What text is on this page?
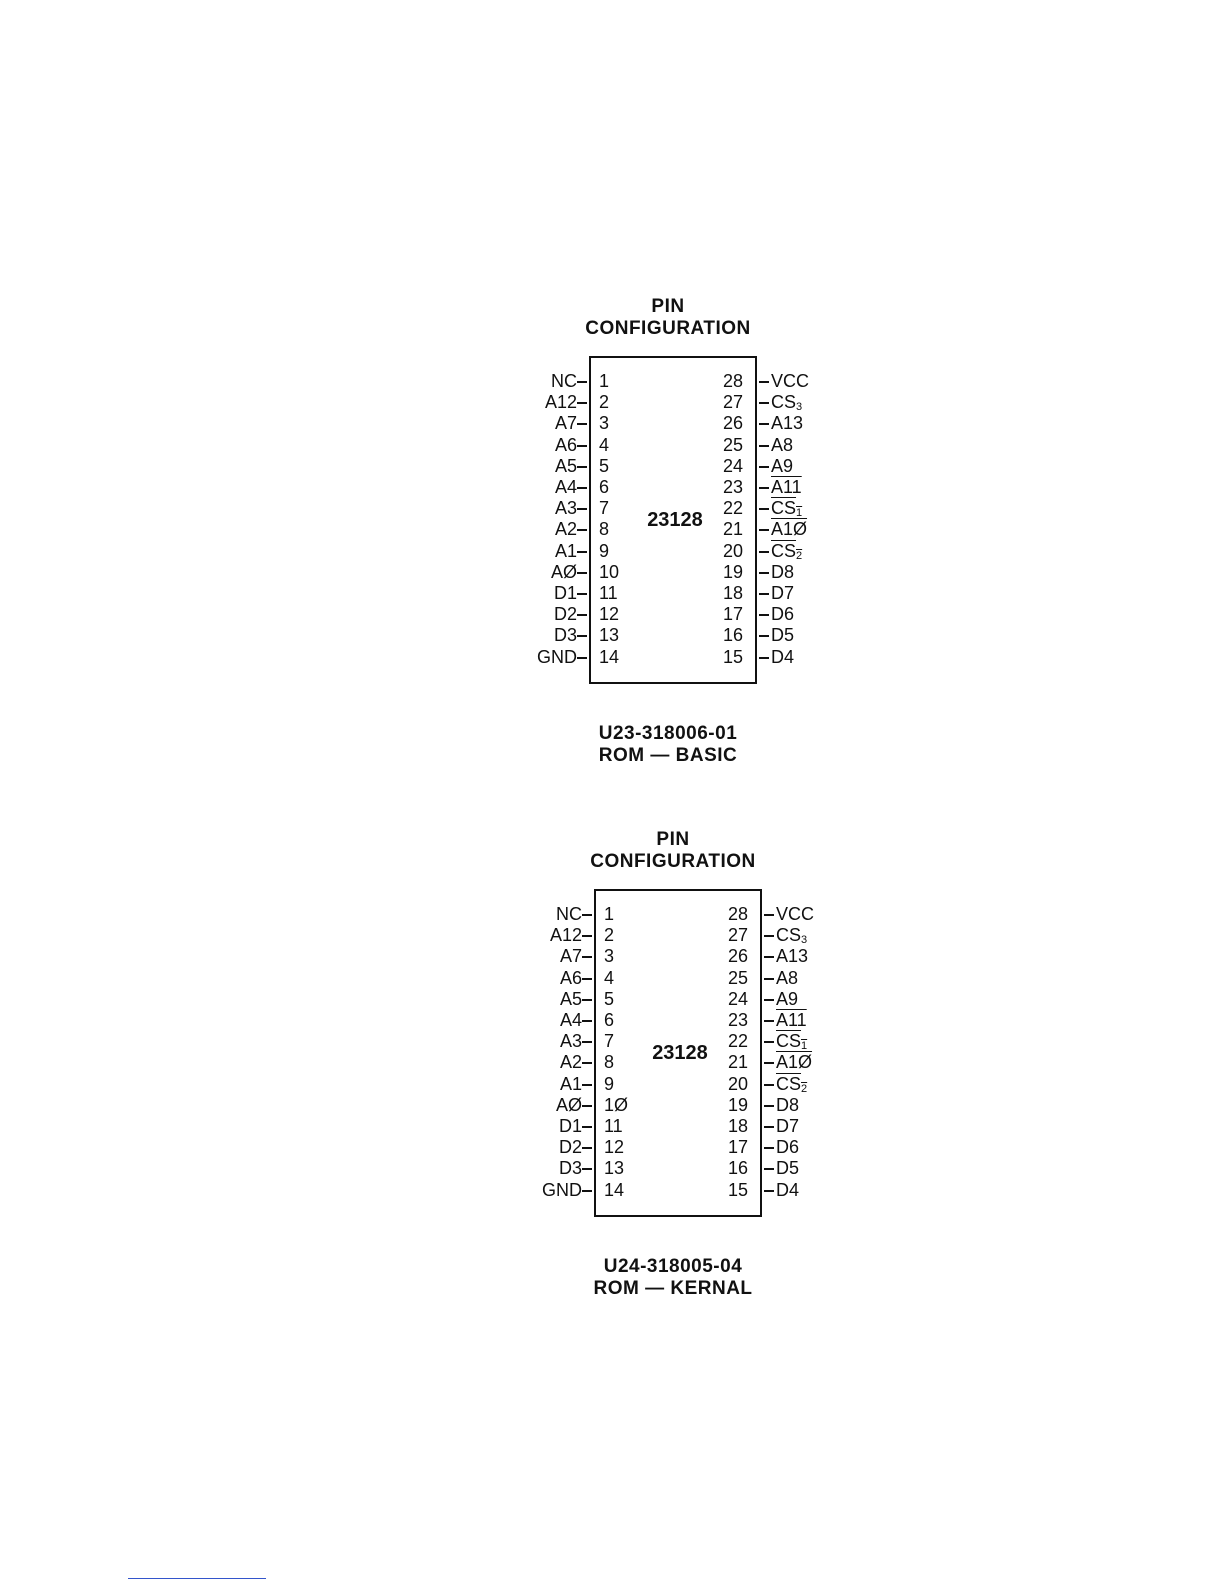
PIN
CONFIGURATION
23128
NC 1
A12 2
A7 3
A6 4
A5 5
A4 6
A3 7
A2 8
A1 9
AØ 10
D1 11
D2 12
D3 13
GND 14
28 VCC
27 CS3
26 A13
25 A8
24 A9
23 A11
22 CS1
21 A1Ø
20 CS2
19 D8
18 D7
17 D6
16 D5
15 D4
U23-318006-01
ROM — BASIC
PIN
CONFIGURATION
23128
NC 1
A12 2
A7 3
A6 4
A5 5
A4 6
A3 7
A2 8
A1 9
AØ 1Ø
D1 11
D2 12
D3 13
GND 14
28 VCC
27 CS3
26 A13
25 A8
24 A9
23 A11
22 CS1
21 A1Ø
20 CS2
19 D8
18 D7
17 D6
16 D5
15 D4
U24-318005-04
ROM — KERNAL
